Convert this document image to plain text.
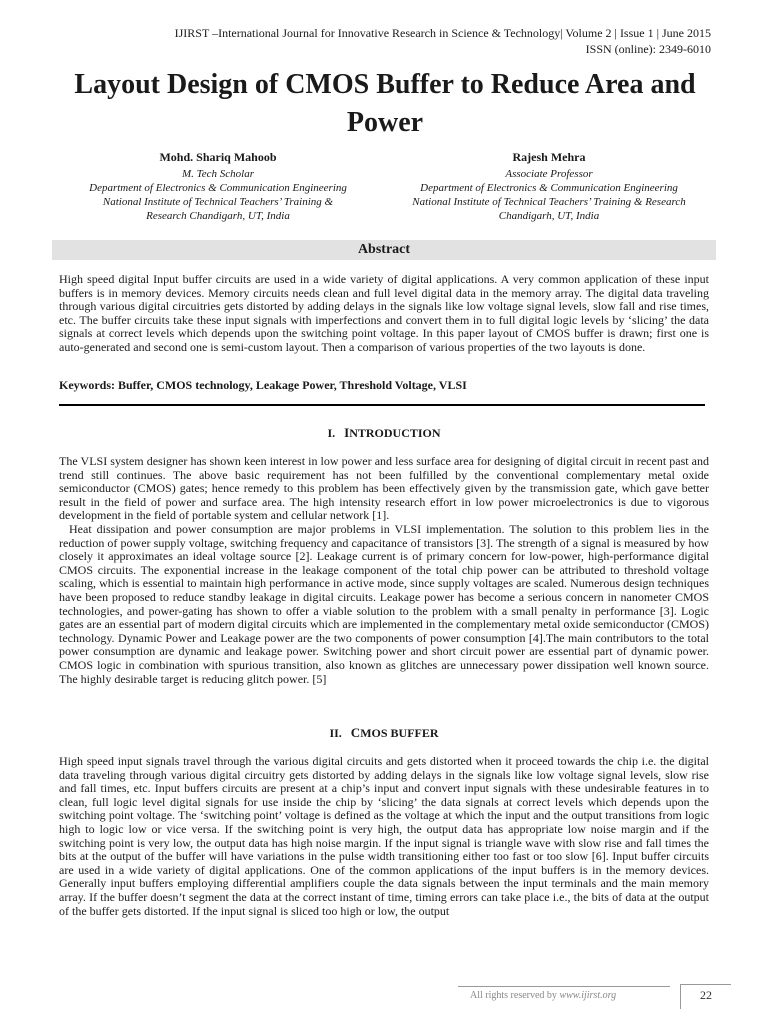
IJIRST –International Journal for Innovative Research in Science & Technology| Volume 2 | Issue 1 | June 2015
ISSN (online): 2349-6010
Layout Design of CMOS Buffer to Reduce Area and Power
Mohd. Shariq Mahoob
M. Tech Scholar
Department of Electronics & Communication Engineering
National Institute of Technical Teachers’ Training &
Research Chandigarh, UT, India
Rajesh Mehra
Associate Professor
Department of Electronics & Communication Engineering
National Institute of Technical Teachers’ Training & Research
Chandigarh, UT, India
Abstract

High speed digital Input buffer circuits are used in a wide variety of digital applications. A very common application of these input buffers is in memory devices. Memory circuits needs clean and full level digital data in the memory array. The digital data traveling through various digital circuitries gets distorted by adding delays in the signals like low voltage signal levels, slow fall and rise times, etc. The buffer circuits take these input signals with imperfections and convert them in to full digital logic levels by ‘slicing’ the data signals at correct levels which depends upon the switching point voltage. In this paper layout of CMOS buffer is drawn; first one is auto-generated and second one is semi-custom layout. Then a comparison of various properties of the two layouts is done.

Keywords: Buffer, CMOS technology, Leakage Power, Threshold Voltage, VLSI
I. INTRODUCTION

The VLSI system designer has shown keen interest in low power and less surface area for designing of digital circuit in recent past and trend still continues. The above basic requirement has not been fulfilled by the conventional complementary metal oxide semiconductor (CMOS) gates; hence remedy to this problem has been effectively given by the transmission gate, which gave better result in the field of power and surface area. The high intensity research effort in low power microelectronics is due to vigorous development in the field of portable system and cellular network [1].

Heat dissipation and power consumption are major problems in VLSI implementation. The solution to this problem lies in the reduction of power supply voltage, switching frequency and capacitance of transistors [3]. The strength of a signal is measured by how closely it approximates an ideal voltage source [2]. Leakage current is of primary concern for low-power, high-performance digital CMOS circuits. The exponential increase in the leakage component of the total chip power can be attributed to threshold voltage scaling, which is essential to maintain high performance in active mode, since supply voltages are scaled. Numerous design techniques have been proposed to reduce standby leakage in digital circuits. Leakage power has become a serious concern in nanometer CMOS technologies, and power-gating has shown to offer a viable solution to the problem with a small penalty in performance [3]. Logic gates are an essential part of modern digital circuits which are implemented in the complementary metal oxide semiconductor (CMOS) technology. Dynamic Power and Leakage power are the two components of power consumption [4].The main contributors to the total power consumption are dynamic and leakage power. Switching power and short circuit power are essential part of dynamic power. CMOS logic in combination with spurious transition, also known as glitches are unnecessary power dissipation well known source. The highly desirable target is reducing glitch power. [5]

II. CMOS BUFFER

High speed input signals travel through the various digital circuits and gets distorted when it proceed towards the chip i.e. the digital data traveling through various digital circuitry gets distorted by adding delays in the signals like low voltage signal levels, slow rise and fall times, etc. Input buffers circuits are present at a chip’s input and convert input signals with these undesirable features in to clean, full logic level digital signals for use inside the chip by ‘slicing’ the data signals at correct levels which depends upon the switching point voltage. The ‘switching point’ voltage is defined as the voltage at which the input and the output transitions from logic high to logic low or vice versa. If the switching point is very high, the output data has appropriate low noise margin and if the switching point is very low, the output data has high noise margin. If the input signal is triangle wave with slow rise and fall times the bits at the output of the buffer will have variations in the pulse width transitioning either too fast or too slow [6]. Input buffer circuits are used in a wide variety of digital applications. One of the common applications of the input buffers is in the memory devices. Generally input buffers employing differential amplifiers couple the data signals between the input terminals and the main memory array. If the buffer doesn’t segment the data at the correct instant of time, timing errors can take place i.e., the bits of data at the output of the buffer gets distorted. If the input signal is sliced too high or low, the output

All rights reserved by www.ijirst.org	22
